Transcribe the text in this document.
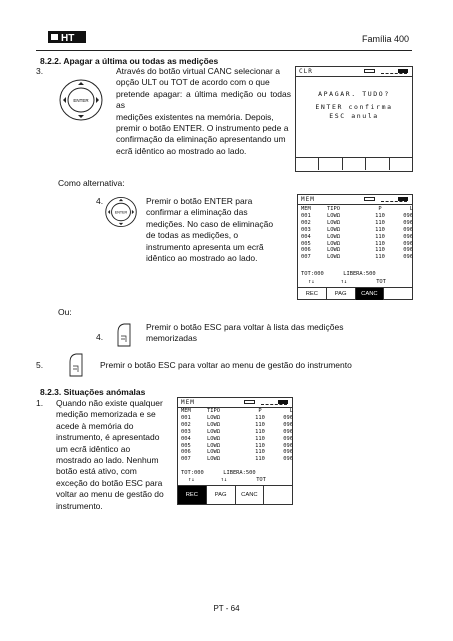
HT	Família 400
8.2.2. Apagar a última ou todas as medições
3.
ENTER
Através do botão virtual CANC selecionar a
opção ULT ou TOT de acordo com o que
pretende apagar: a última medição ou todas as
medições existentes na memória. Depois,
premir o botão ENTER. O instrumento pede a
confirmação da eliminação apresentando um
ecrã idêntico ao mostrado ao lado.
CLR
APAGAR. TUDO?
ENTER confirma
ESC anula
Como alternativa:
4.
ENTER
Premir o botão ENTER para
confirmar a eliminação das
medições. No caso de eliminação
de todas as medições, o
instrumento apresenta um ecrã
idêntico ao mostrado ao lado.
MEM
MEM	TIPO	P	L
001	LOWΩ	110	096
002	LOWΩ	110	096
003	LOWΩ	110	096
004	LOWΩ	110	096
005	LOWΩ	110	096
006	LOWΩ	110	096
007	LOWΩ	110	096
TOT:000	LIBERA:500
↑↓	↑↓	TOT
REC	PAG	CANC
Ou:
4.
Premir o botão ESC para voltar à lista das medições
memorizadas
5.	Premir o botão ESC para voltar ao menu de gestão do instrumento
8.2.3. Situações anómalas
1. Quando não existe qualquer
medição memorizada e se
acede à memória do
instrumento, é apresentado
um ecrã idêntico ao
mostrado ao lado. Nenhum
botão está ativo, com
exceção do botão ESC para
voltar ao menu de gestão do
instrumento.
MEM
MEM	TIPO	P	L
001	LOWΩ	110	096
002	LOWΩ	110	096
003	LOWΩ	110	096
004	LOWΩ	110	096
005	LOWΩ	110	096
006	LOWΩ	110	096
007	LOWΩ	110	096
TOT:000	LIBERA:500
↑↓	↑↓	TOT
REC	PAG	CANC
PT - 64
